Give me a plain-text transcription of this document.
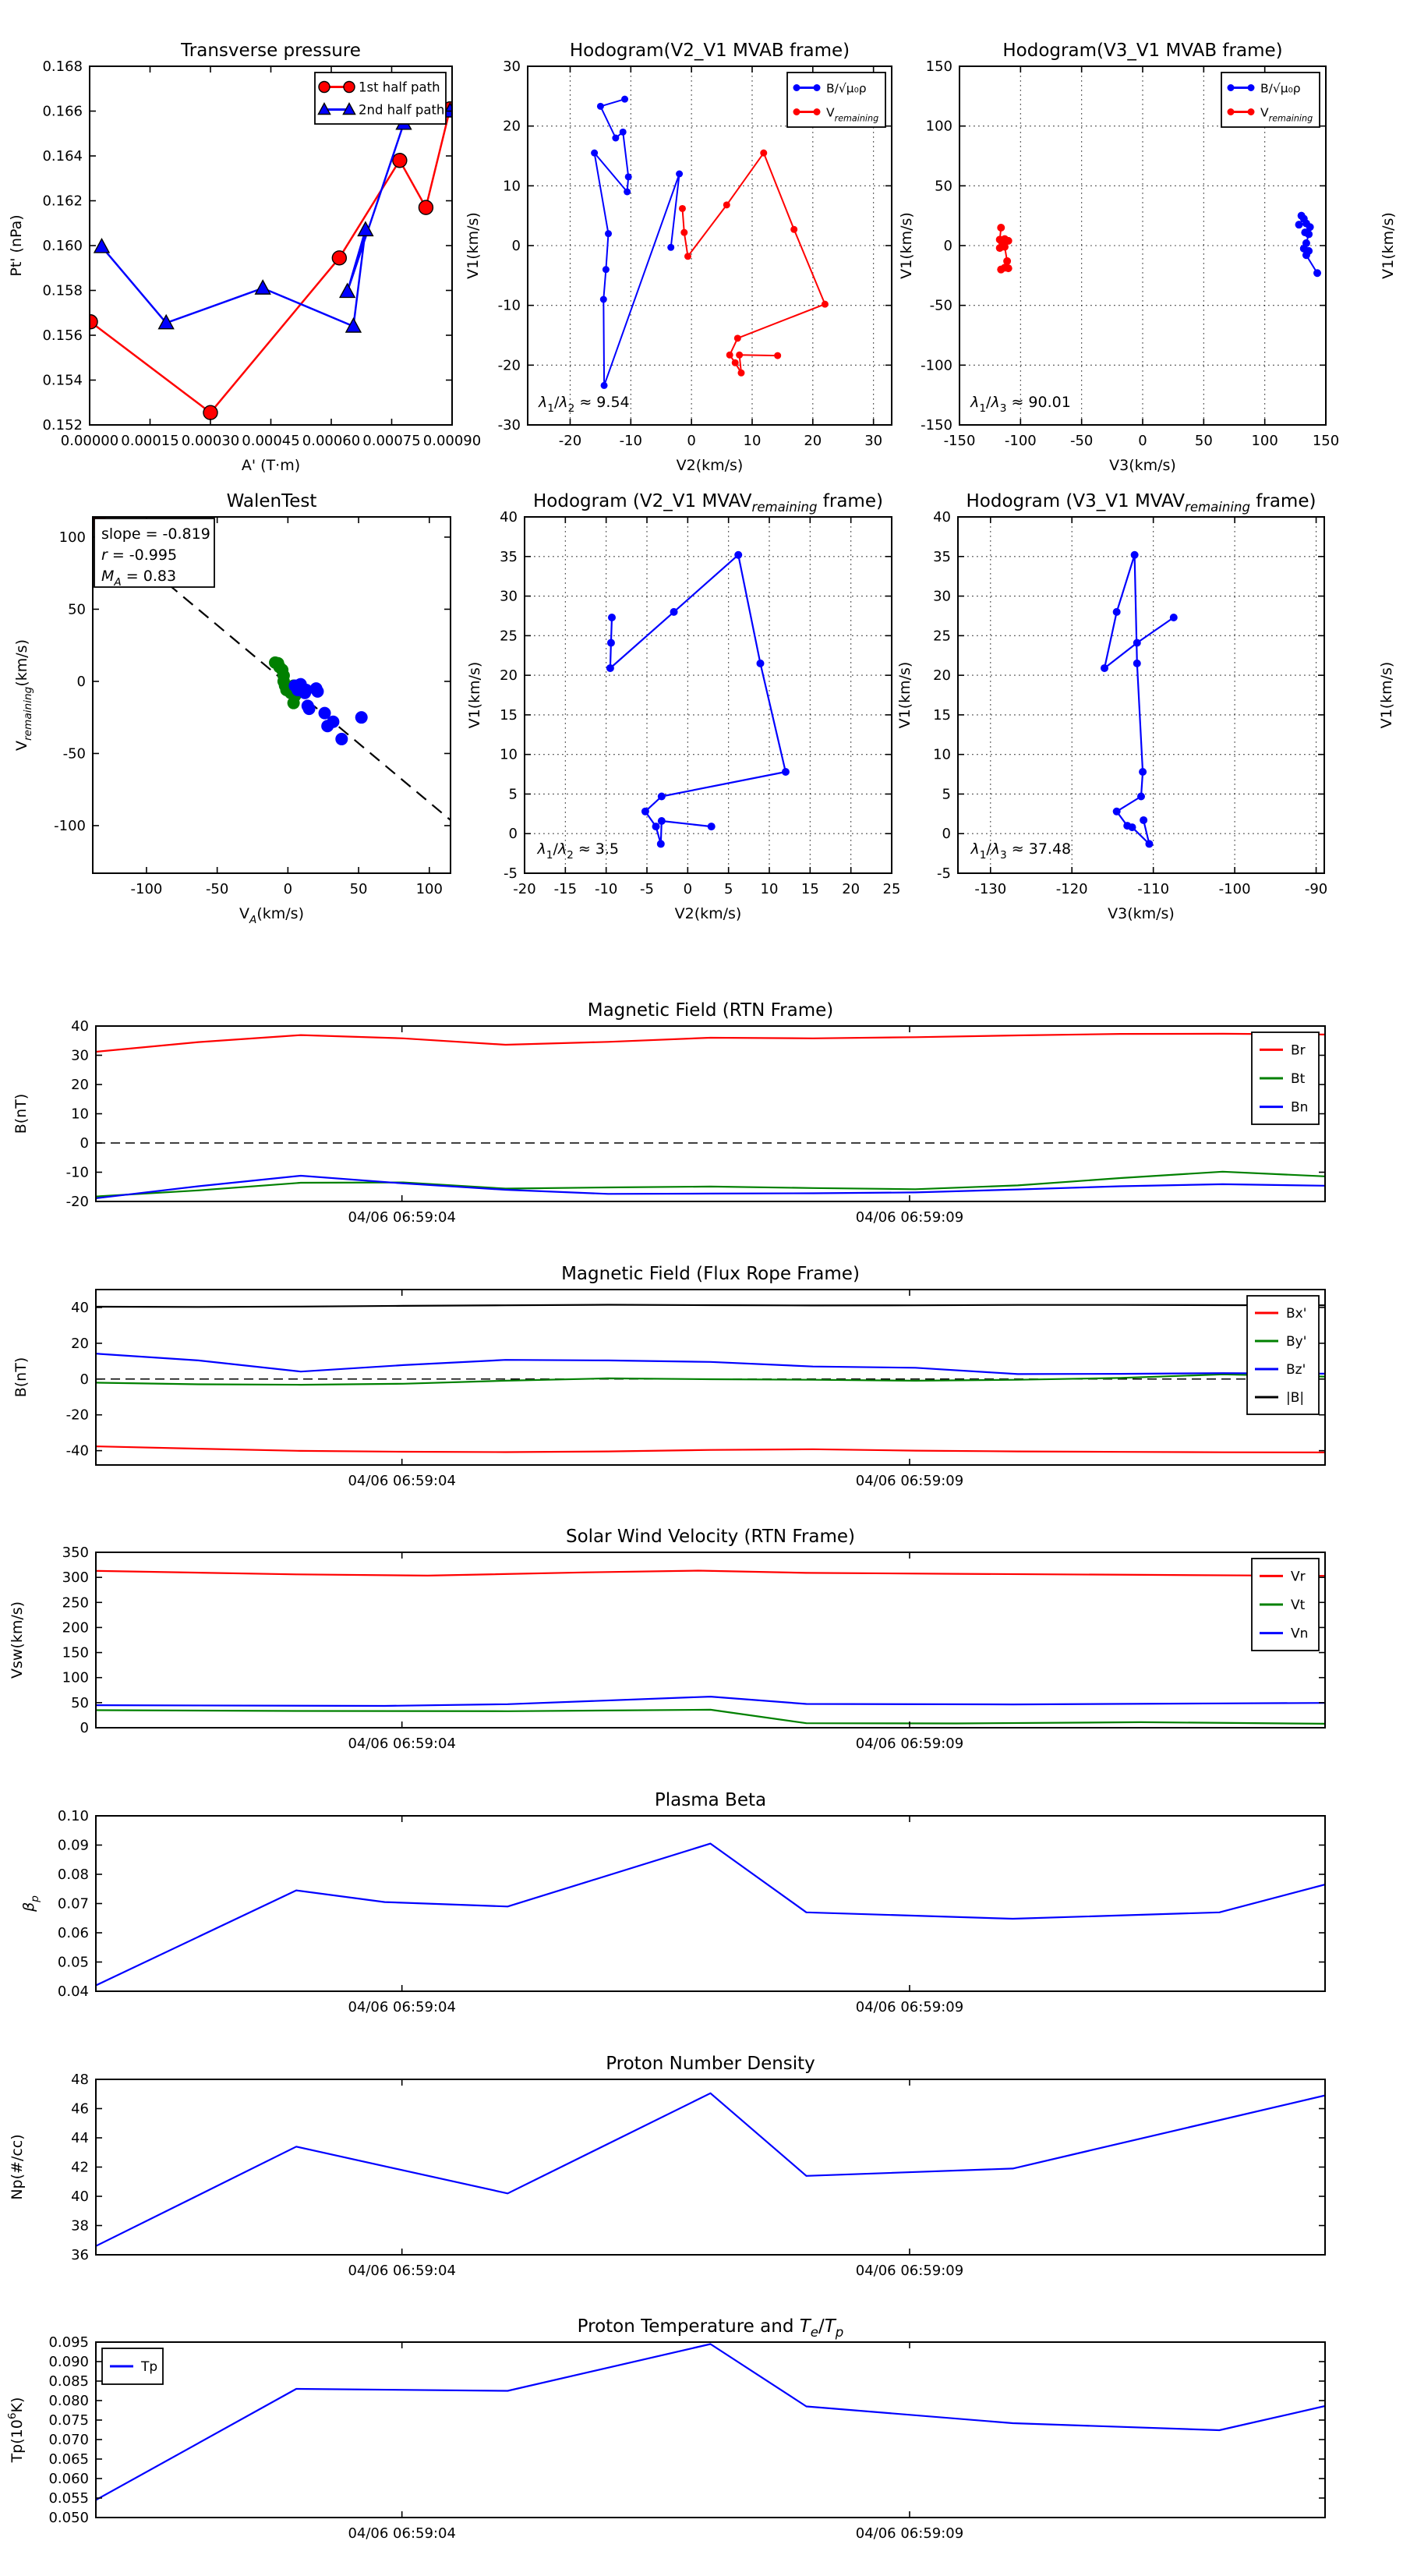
0.00000 0.00015 0.00030 0.00045 0.00060 0.00075 0.00090
0.152
0.154
0.156
0.158
0.160
0.162
0.164
0.166
0.168
Transverse pressure
A' (T·m)
Pt' (nPa)
1st half path
2nd half path
-20	-10	0	10	20	30
-30
-20
-10
0
10
20
30
Hodogram(V2_V1 MVAB frame)
V2(km/s)
V1(km/s)
B/√μ₀ρ
$V_{remaining}$
$\lambda_1/\lambda_2 \approx 9.54$
-150 -100 -50	0	50	100 150
-150
-100
-50
0
50
100
150
Hodogram(V3_V1 MVAB frame)
V3(km/s)
V1(km/s)	V1(km/s)
B/√μ₀ρ
$V_{remaining}$
$\lambda_1/\lambda_3 \approx 90.01$
-100	-50	0	50	100
-100
-50
0
50
100
WalenTest
$V_A(km/s)$
$V_{remaining}(km/s)$
slope = -0.819
r = -0.995
$M_A = 0.83$
-20 -15 -10 -5 0 5 10 15 20 25
-5
0
5
10
15
20
25
30
35
40
Hodogram (V2_V1 $MVAV_{remaining}$ frame)
V2(km/s)
V1(km/s)
$\lambda_1/\lambda_2 \approx 3.5$
-130	-120	-110	-100	-90
-5
0
5
10
15
20
25
30
35
40
Hodogram (V3_V1 $MVAV_{remaining}$ frame)
V3(km/s)
V1(km/s)	V1(km/s)
$\lambda_1/\lambda_3 \approx 37.48$
04/06 06:59:04	04/06 06:59:09
-20
-10
0
10
20
30
40
Magnetic Field (RTN Frame)
B(nT)
Br
Bt
Bn
04/06 06:59:04	04/06 06:59:09
-40
-20
0
20
40
Magnetic Field (Flux Rope Frame)
B(nT)
Bx'
By'
Bz'
|B|
04/06 06:59:04	04/06 06:59:09
0
50
100
150
200
250
300
350
Solar Wind Velocity (RTN Frame)
Vsw(km/s)
Vr
Vt
Vn
04/06 06:59:04	04/06 06:59:09
0.04
0.05
0.06
0.07
0.08
0.09
0.10
Plasma Beta
$\beta_p$
04/06 06:59:04	04/06 06:59:09
36
38
40
42
44
46
48
Proton Number Density
Np(#/cc)
04/06 06:59:04	04/06 06:59:09
0.050
0.055
0.060
0.065
0.070
0.075
0.080
0.085
0.090
0.095
Proton Temperature and $T_e/T_p$
$Tp(10^6K)$
Tp
